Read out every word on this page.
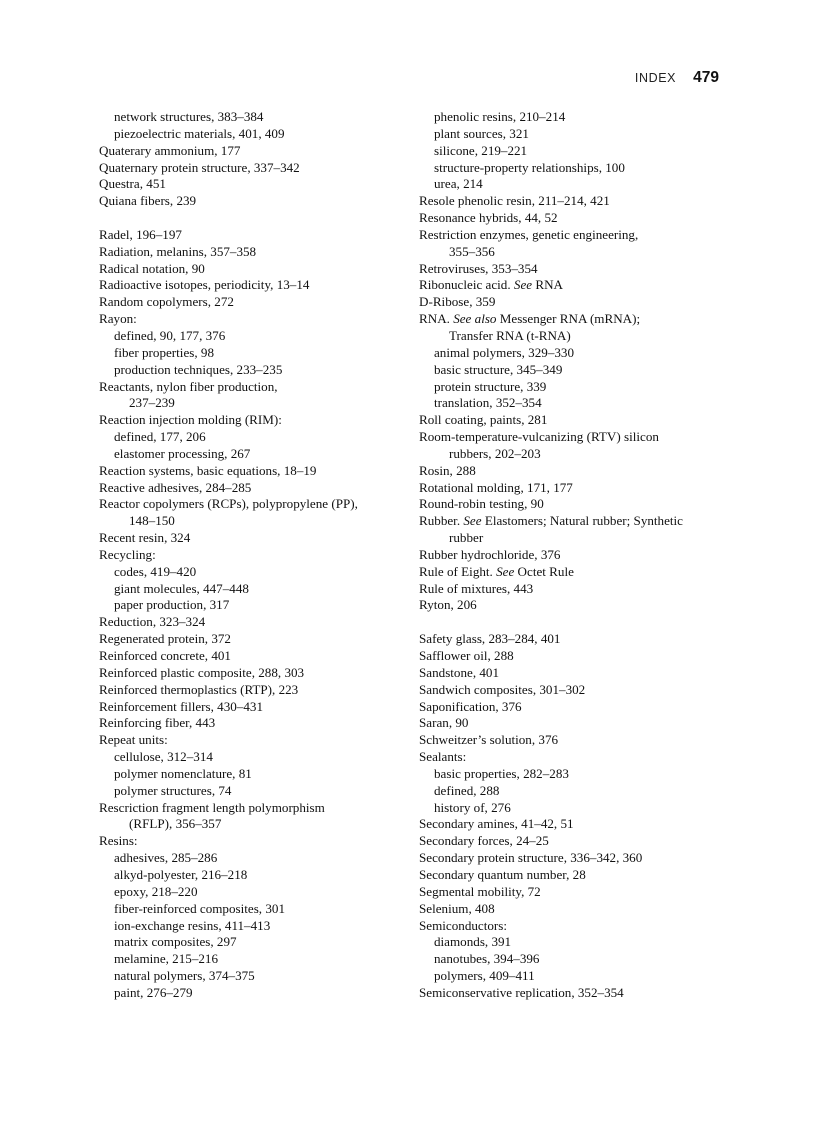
INDEX 479
network structures, 383–384
piezoelectric materials, 401, 409
Quaterary ammonium, 177
Quaternary protein structure, 337–342
Questra, 451
Quiana fibers, 239
Radel, 196–197
Radiation, melanins, 357–358
Radical notation, 90
Radioactive isotopes, periodicity, 13–14
Random copolymers, 272
Rayon:
defined, 90, 177, 376
fiber properties, 98
production techniques, 233–235
Reactants, nylon fiber production,
237–239
Reaction injection molding (RIM):
defined, 177, 206
elastomer processing, 267
Reaction systems, basic equations, 18–19
Reactive adhesives, 284–285
Reactor copolymers (RCPs), polypropylene (PP),
148–150
Recent resin, 324
Recycling:
codes, 419–420
giant molecules, 447–448
paper production, 317
Reduction, 323–324
Regenerated protein, 372
Reinforced concrete, 401
Reinforced plastic composite, 288, 303
Reinforced thermoplastics (RTP), 223
Reinforcement fillers, 430–431
Reinforcing fiber, 443
Repeat units:
cellulose, 312–314
polymer nomenclature, 81
polymer structures, 74
Rescriction fragment length polymorphism
(RFLP), 356–357
Resins:
adhesives, 285–286
alkyd-polyester, 216–218
epoxy, 218–220
fiber-reinforced composites, 301
ion-exchange resins, 411–413
matrix composites, 297
melamine, 215–216
natural polymers, 374–375
paint, 276–279
phenolic resins, 210–214
plant sources, 321
silicone, 219–221
structure-property relationships, 100
urea, 214
Resole phenolic resin, 211–214, 421
Resonance hybrids, 44, 52
Restriction enzymes, genetic engineering,
355–356
Retroviruses, 353–354
Ribonucleic acid. See RNA
D-Ribose, 359
RNA. See also Messenger RNA (mRNA);
Transfer RNA (t-RNA)
animal polymers, 329–330
basic structure, 345–349
protein structure, 339
translation, 352–354
Roll coating, paints, 281
Room-temperature-vulcanizing (RTV) silicon
rubbers, 202–203
Rosin, 288
Rotational molding, 171, 177
Round-robin testing, 90
Rubber. See Elastomers; Natural rubber; Synthetic
rubber
Rubber hydrochloride, 376
Rule of Eight. See Octet Rule
Rule of mixtures, 443
Ryton, 206
Safety glass, 283–284, 401
Safflower oil, 288
Sandstone, 401
Sandwich composites, 301–302
Saponification, 376
Saran, 90
Schweitzer’s solution, 376
Sealants:
basic properties, 282–283
defined, 288
history of, 276
Secondary amines, 41–42, 51
Secondary forces, 24–25
Secondary protein structure, 336–342, 360
Secondary quantum number, 28
Segmental mobility, 72
Selenium, 408
Semiconductors:
diamonds, 391
nanotubes, 394–396
polymers, 409–411
Semiconservative replication, 352–354
